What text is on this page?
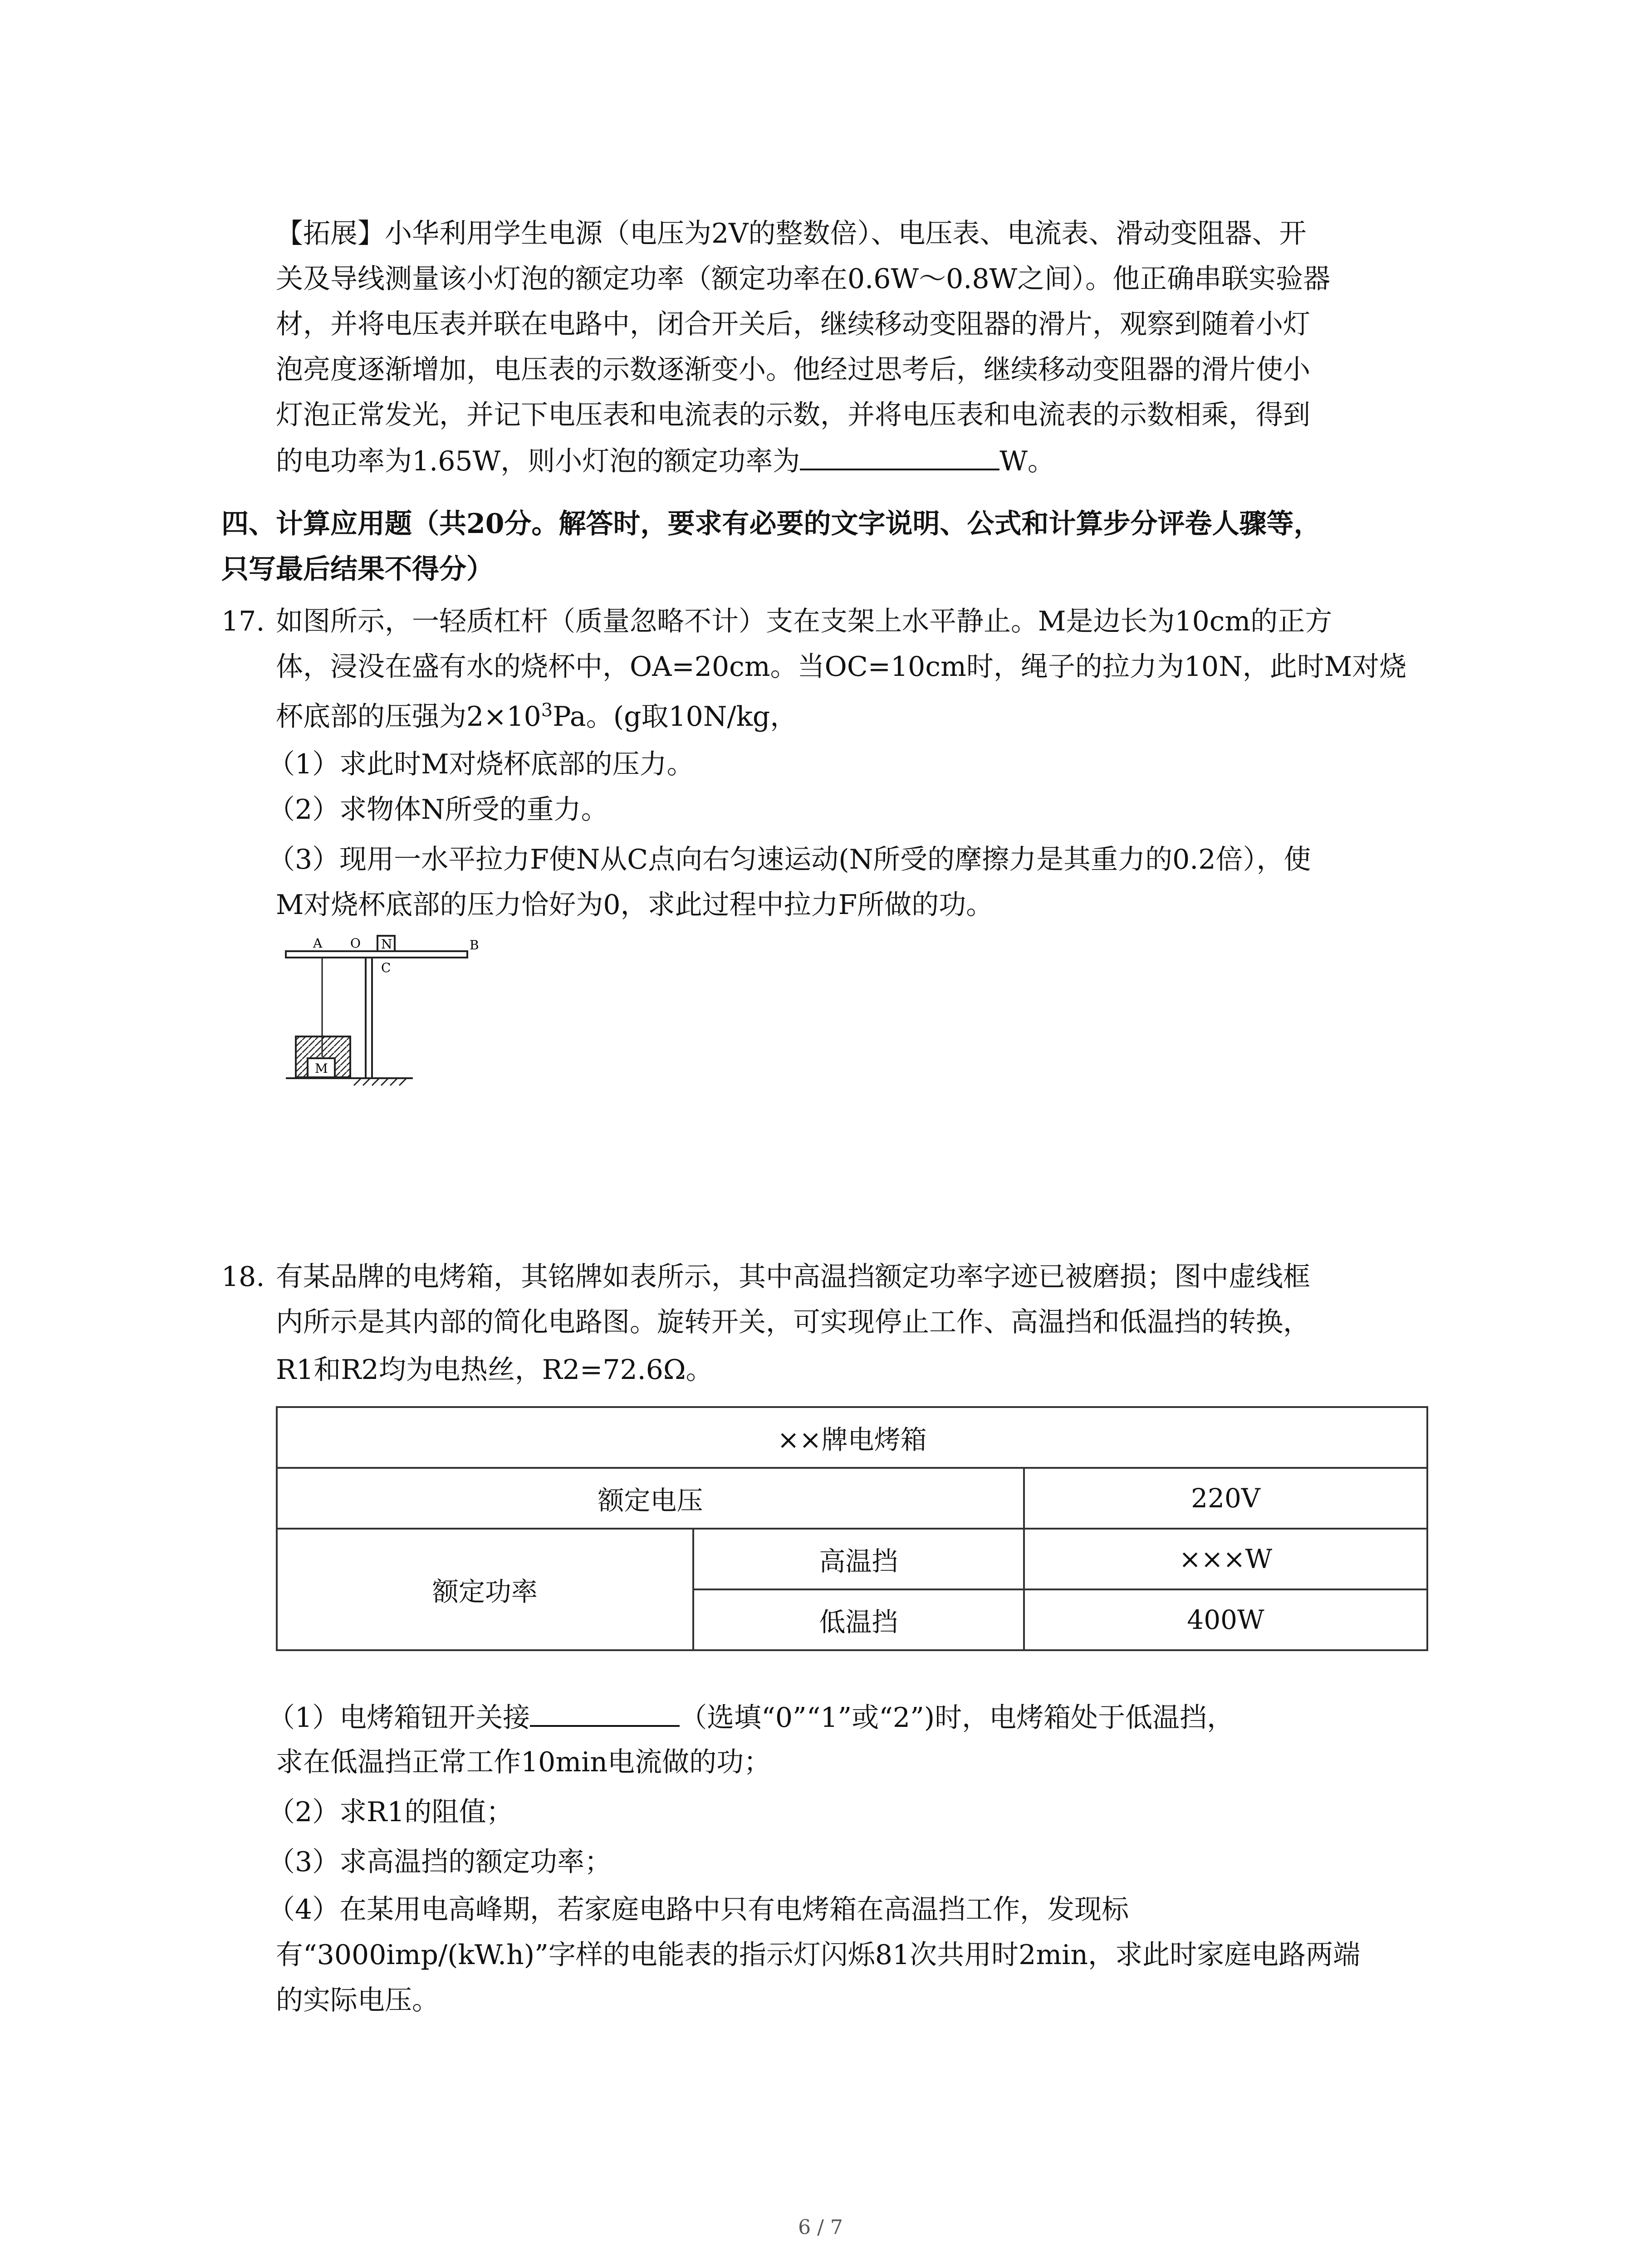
【拓展】小华利用学生电源（电压为2V的整数倍）、电压表、电流表、滑动变阻器、开
关及导线测量该小灯泡的额定功率（额定功率在0.6W～0.8W之间）。他正确串联实验器
材，并将电压表并联在电路中，闭合开关后，继续移动变阻器的滑片，观察到随着小灯
泡亮度逐渐增加，电压表的示数逐渐变小。他经过思考后，继续移动变阻器的滑片使小
灯泡正常发光，并记下电压表和电流表的示数，并将电压表和电流表的示数相乘，得到
的电功率为1.65W，则小灯泡的额定功率为	W。
四、计算应用题（共20分。解答时，要求有必要的文字说明、公式和计算步分评卷人骤等，
只写最后结果不得分）
17. 如图所示，一轻质杠杆（质量忽略不计）支在支架上水平静止。M是边长为10cm的正方
体，浸没在盛有水的烧杯中，OA=20cm。当OC=10cm时，绳子的拉力为10N，此时M对烧
杯底部的压强为$2\times 10^3Pa$。(g取10N/kg，
（1）求此时M对烧杯底部的压力。
（2）求物体N所受的重力。
（3）现用一水平拉力F使N从C点向右匀速运动(N所受的摩擦力是其重力的0.2倍），使
M对烧杯底部的压力恰好为0，求此过程中拉力F所做的功。
A O N	B
C
M
18. 有某品牌的电烤箱，其铭牌如表所示，其中高温挡额定功率字迹已被磨损；图中虚线框
内所示是其内部的简化电路图。旋转开关，可实现停止工作、高温挡和低温挡的转换，
R1和R2均为电热丝，R2=72.6Ω。
××牌电烤箱		
额定电压		220V
额定功率	高温挡	×××W
	低温挡	400W
（1）电烤箱钮开关接	（选填“0”“1”或“2”)时，电烤箱处于低温挡，
求在低温挡正常工作10min电流做的功；
（2）求R1的阻值；
（3）求高温挡的额定功率；
（4）在某用电高峰期，若家庭电路中只有电烤箱在高温挡工作，发现标
有“3000imp/(kW.h)”字样的电能表的指示灯闪烁81次共用时2min，求此时家庭电路两端
的实际电压。
6 / 7
